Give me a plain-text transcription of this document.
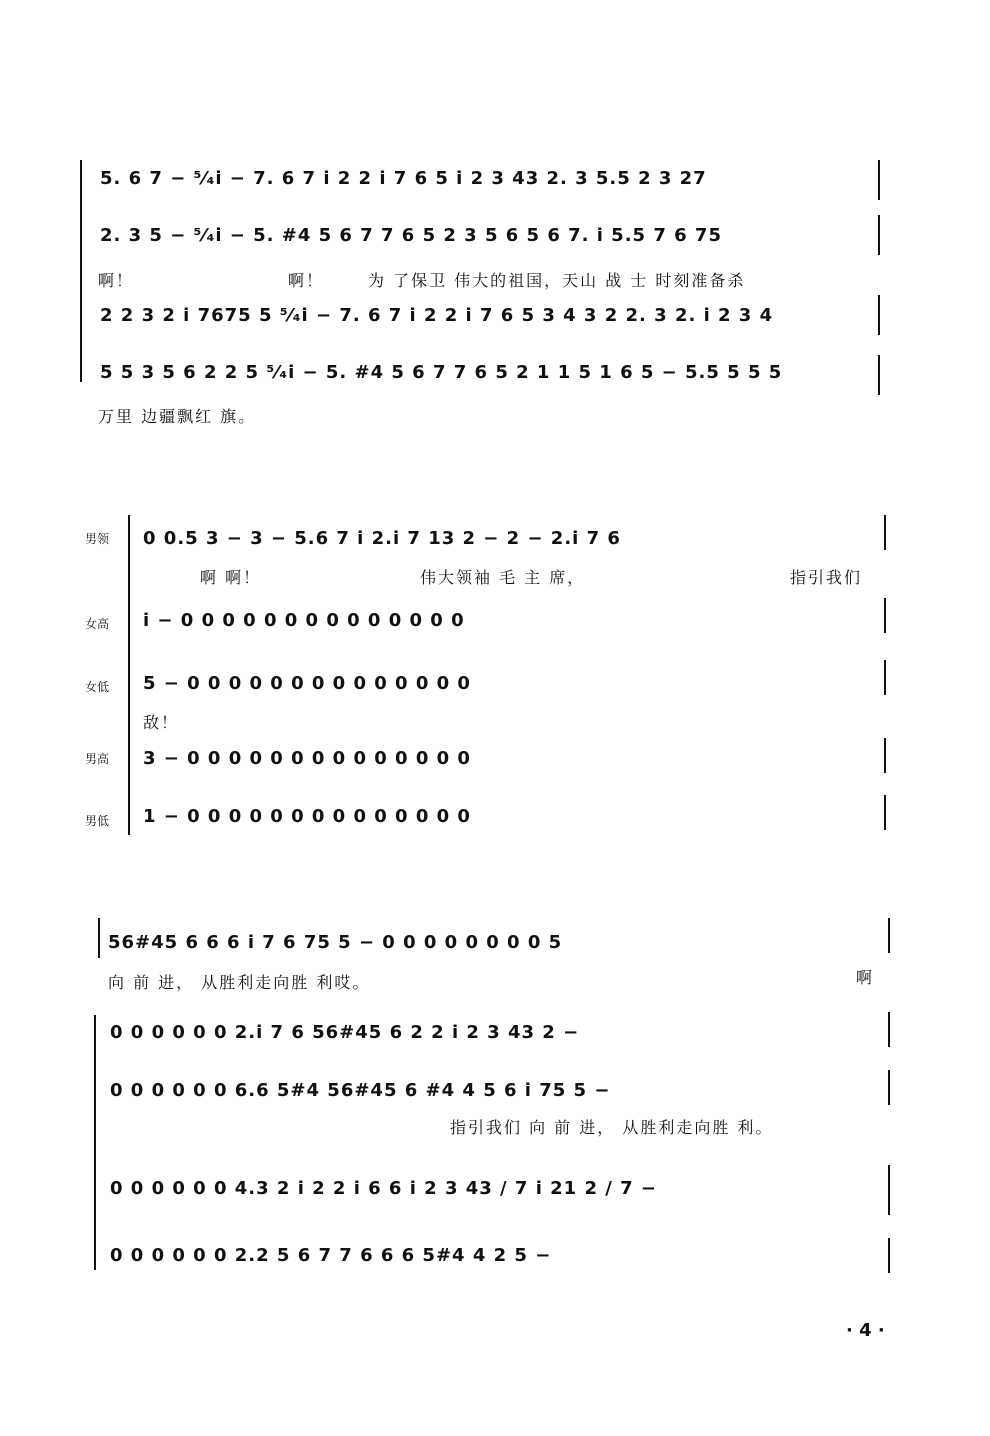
5. 6 7 − ⁵⁄₄i − 7. 6 7 i 2 2 i 7 6 5 i 2 3 43 2. 3 5.5 2 3 27
2. 3 5 − ⁵⁄₄i − 5. #4 5 6 7 7 6 5 2 3 5 6 5 6 7. i 5.5 7 6 75
啊！	啊！	为 了保卫 伟大的祖国，天山 战 士 时刻准备杀
2 2 3 2 i 7675 5 ⁵⁄₄i − 7. 6 7 i 2 2 i 7 6 5 3 4 3 2 2. 3 2. i 2 3 4
5 5 3 5 6 2 2 5 ⁵⁄₄i − 5. #4 5 6 7 7 6 5 2 1 1 5 1 6 5 − 5.5 5 5 5
万里 边疆飘红 旗。
男领 0 0.5 3 − 3 − 5.6 7 i 2.i 7 13 2 − 2 − 2.i 7 6
啊 啊！	伟大领袖 毛 主 席，	指引我们
女高 i − 0 0 0 0 0 0 0 0 0 0 0 0 0 0
女低 5 − 0 0 0 0 0 0 0 0 0 0 0 0 0 0
敌！
男高 3 − 0 0 0 0 0 0 0 0 0 0 0 0 0 0
男低 1 − 0 0 0 0 0 0 0 0 0 0 0 0 0 0
56#45 6 6 6 i 7 6 75 5 − 0 0 0 0 0 0 0 0 5
向 前 进， 从胜利走向胜 利哎。	啊
0 0 0 0 0 0 2.i 7 6 56#45 6 2 2 i 2 3 43 2 −
0 0 0 0 0 0 6.6 5#4 56#45 6 #4 4 5 6 i 75 5 −
指引我们 向 前 进， 从胜利走向胜 利。
0 0 0 0 0 0 4.3 2 i 2 2 i 6 6 i 2 3 43 / 7 i 21 2 / 7 −
0 0 0 0 0 0 2.2 5 6 7 7 6 6 6 5#4 4 2 5 −
· 4 ·
